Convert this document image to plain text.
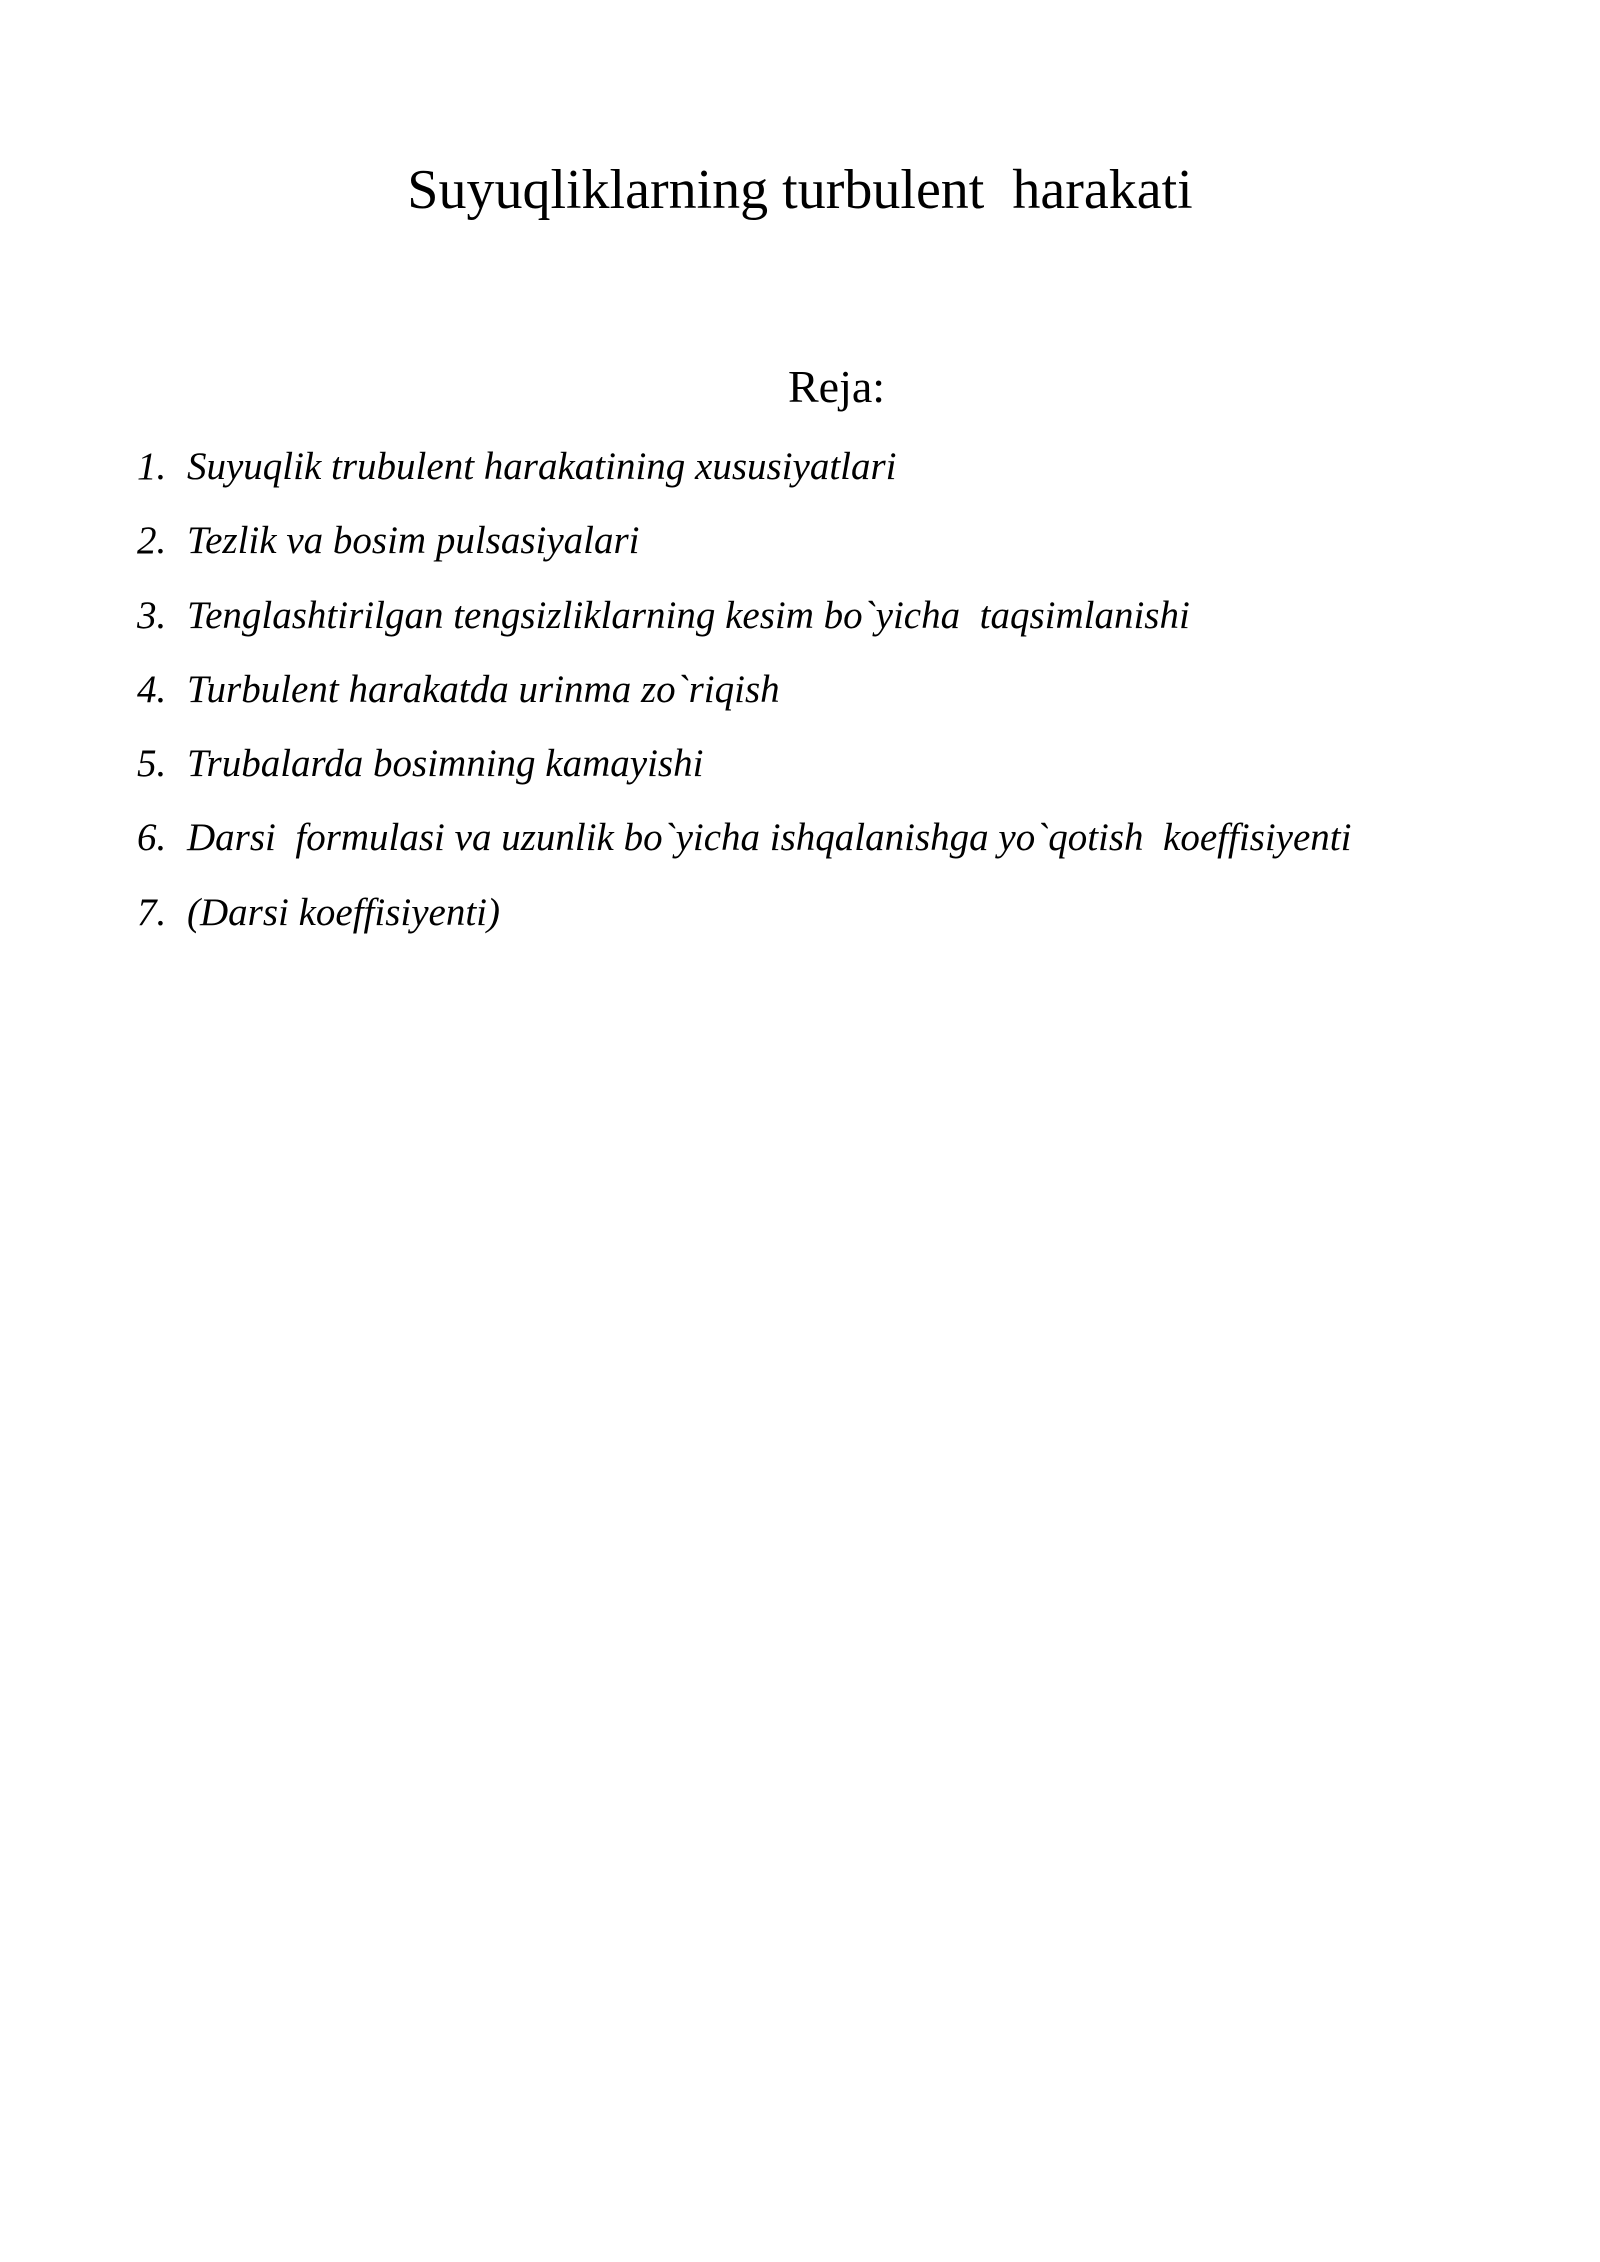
Suyuqliklarning turbulent  harakati
Reja:
1. Suyuqlik trubulent harakatining xususiyatlari
2. Tezlik va bosim pulsasiyalari
3. Tenglashtirilgan tengsizliklarning kesim bo`yicha  taqsimlanishi
4. Turbulent harakatda urinma zo`riqish
5. Trubalarda bosimning kamayishi
6. Darsi  formulasi va uzunlik bo`yicha ishqalanishga yo`qotish  koeffisiyenti
7. (Darsi koeffisiyenti)
